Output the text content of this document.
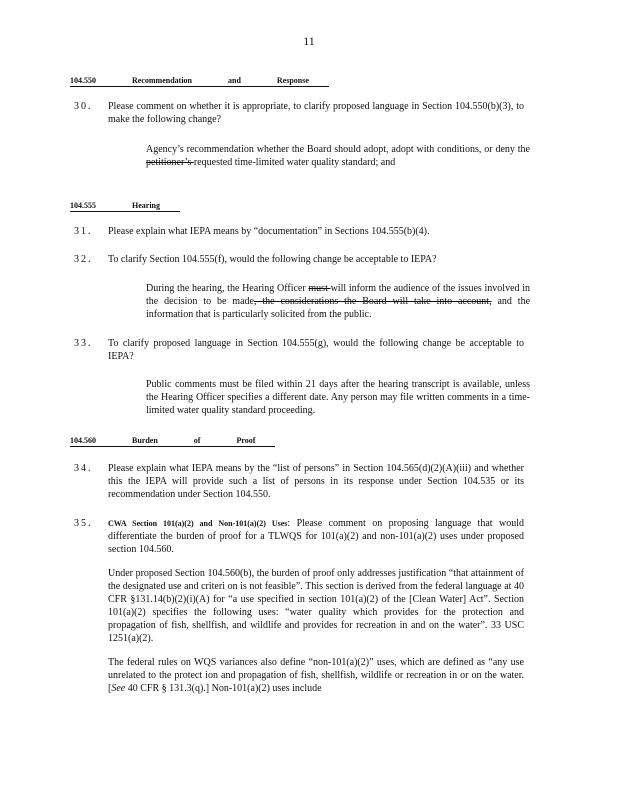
11
104.550	Recommendation	and	Response
30. Please comment on whether it is appropriate, to clarify proposed language in Section 104.550(b)(3), to make the following change?
Agency’s recommendation whether the Board should adopt, adopt with conditions, or deny the petitioner’s requested time-limited water quality standard; and
104.555	Hearing
31. Please explain what IEPA means by “documentation” in Sections 104.555(b)(4).
32. To clarify Section 104.555(f), would the following change be acceptable to IEPA?
During the hearing, the Hearing Officer must will inform the audience of the issues involved in the decision to be made, the considerations the Board will take into account, and the information that is particularly solicited from the public.
33. To clarify proposed language in Section 104.555(g), would the following change be acceptable to IEPA?
Public comments must be filed within 21 days after the hearing transcript is available, unless the Hearing Officer specifies a different date. Any person may file written comments in a time-limited water quality standard proceeding.
104.560	Burden	of	Proof
34. Please explain what IEPA means by the “list of persons” in Section 104.565(d)(2)(A)(iii) and whether this the IEPA will provide such a list of persons in its response under Section 104.535 or its recommendation under Section 104.550.
35. CWA Section 101(a)(2) and Non-101(a)(2) Uses: Please comment on proposing language that would differentiate the burden of proof for a TLWQS for 101(a)(2) and non-101(a)(2) uses under proposed section 104.560.

Under proposed Section 104.560(b), the burden of proof only addresses justification “that attainment of the designated use and criteri on is not feasible”. This section is derived from the federal language at 40 CFR §131.14(b)(2)(i)(A) for “a use specified in section 101(a)(2) of the [Clean Water] Act”. Section 101(a)(2) specifies the following uses: “water quality which provides for the protection and propagation of fish, shellfish, and wildlife and provides for recreation in and on the water”. 33 USC 1251(a)(2).

The federal rules on WQS variances also define “non-101(a)(2)” uses, which are defined as “any use unrelated to the protect ion and propagation of fish, shellfish, wildlife or recreation in or on the water. [See 40 CFR § 131.3(q).] Non-101(a)(2) uses include
